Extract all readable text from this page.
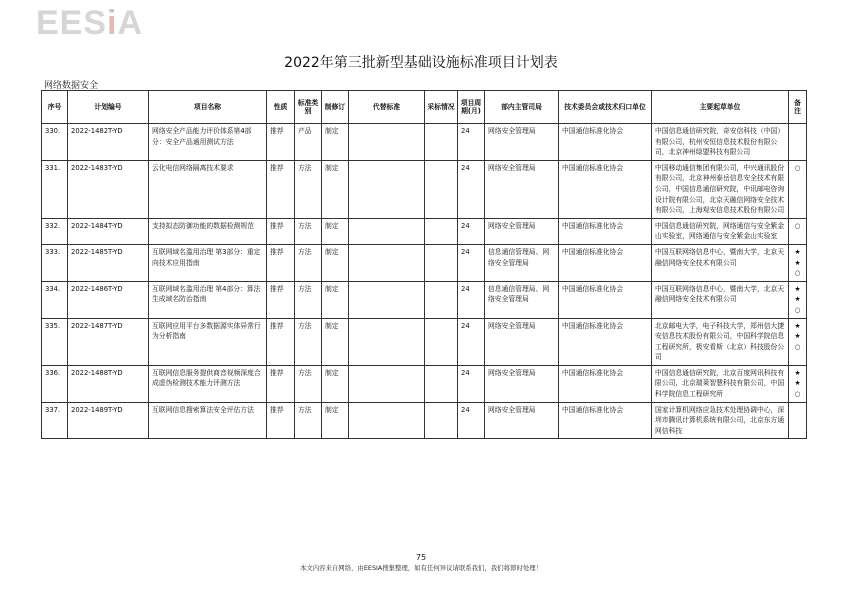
EESiA
2022年第三批新型基础设施标准项目计划表
网络数据安全
序号	计划编号	项目名称	性质	标准类别	制修订	代替标准	采标情况	项目周期(月)	部内主管司局	技术委员会或技术归口单位	主要起草单位	备注
330.	2022-1482T-YD	网络安全产品能力评价体系第4部分：安全产品通用测试方法	推荐	产品	制定			24	网络安全管理局	中国通信标准化协会	中国信息通信研究院，奇安信科技（中国）有限公司，杭州安恒信息技术股份有限公司，北京神州绿盟科技有限公司	
331.	2022-1483T-YD	云化电信网络隔离技术要求	推荐	方法	制定			24	网络安全管理局	中国通信标准化协会	中国移动通信集团有限公司，中兴通讯股份有限公司，北京神州泰岳信息安全技术有限公司，中国信息通信研究院，中讯邮电咨询设计院有限公司，北京天融信网络安全技术有限公司，上海观安信息技术股份有限公司	○

332.	2022-1484T-YD	支持拟态防御功能的数据检测规范	推荐	方法	制定			24	网络安全管理局	中国通信标准化协会	中国信息通信研究院，网络通信与安全紫金山实验室，网络通信与安全紫金山实验室	○

333.	2022-1485T-YD	互联网域名滥用治理 第3部分：重定向技术应用指南	推荐	方法	制定			24	信息通信管理局、网络安全管理局	中国通信标准化协会	中国互联网络信息中心，暨南大学，北京天融信网络安全技术有限公司	★
★
○

334.	2022-1486T-YD	互联网域名滥用治理 第4部分：算法生成域名防治指南	推荐	方法	制定			24	信息通信管理局、网络安全管理局	中国通信标准化协会	中国互联网络信息中心，暨南大学，北京天融信网络安全技术有限公司	★
★
○

335.	2022-1487T-YD	互联网应用平台多数据源实体异常行为分析指南	推荐	方法	制定			24	网络安全管理局	中国通信标准化协会	北京邮电大学，电子科技大学，郑州信大捷安信息技术股份有限公司，中国科学院信息工程研究所，极安看斯（北京）科技股份公司	★
★
○

336.	2022-1488T-YD	互联网信息服务提供商音视频深度合成虚伪检测技术能力评测方法	推荐	方法	制定			24	网络安全管理局	中国通信标准化协会	中国信息通信研究院，北京百度网讯科技有限公司，北京瑞莱智慧科技有限公司，中国科学院信息工程研究所	★
★
○

337.	2022-1489T-YD	互联网信息搜索算法安全评估方法	推荐	方法	制定			24	网络安全管理局	中国通信标准化协会	国家计算机网络应急技术处理协调中心，深圳市腾讯计算机系统有限公司，北京东方通网信科技	
75
本文内容来自网络，由EESIA搜集整理，如有任何异议请联系我们，我们将即时处理！
